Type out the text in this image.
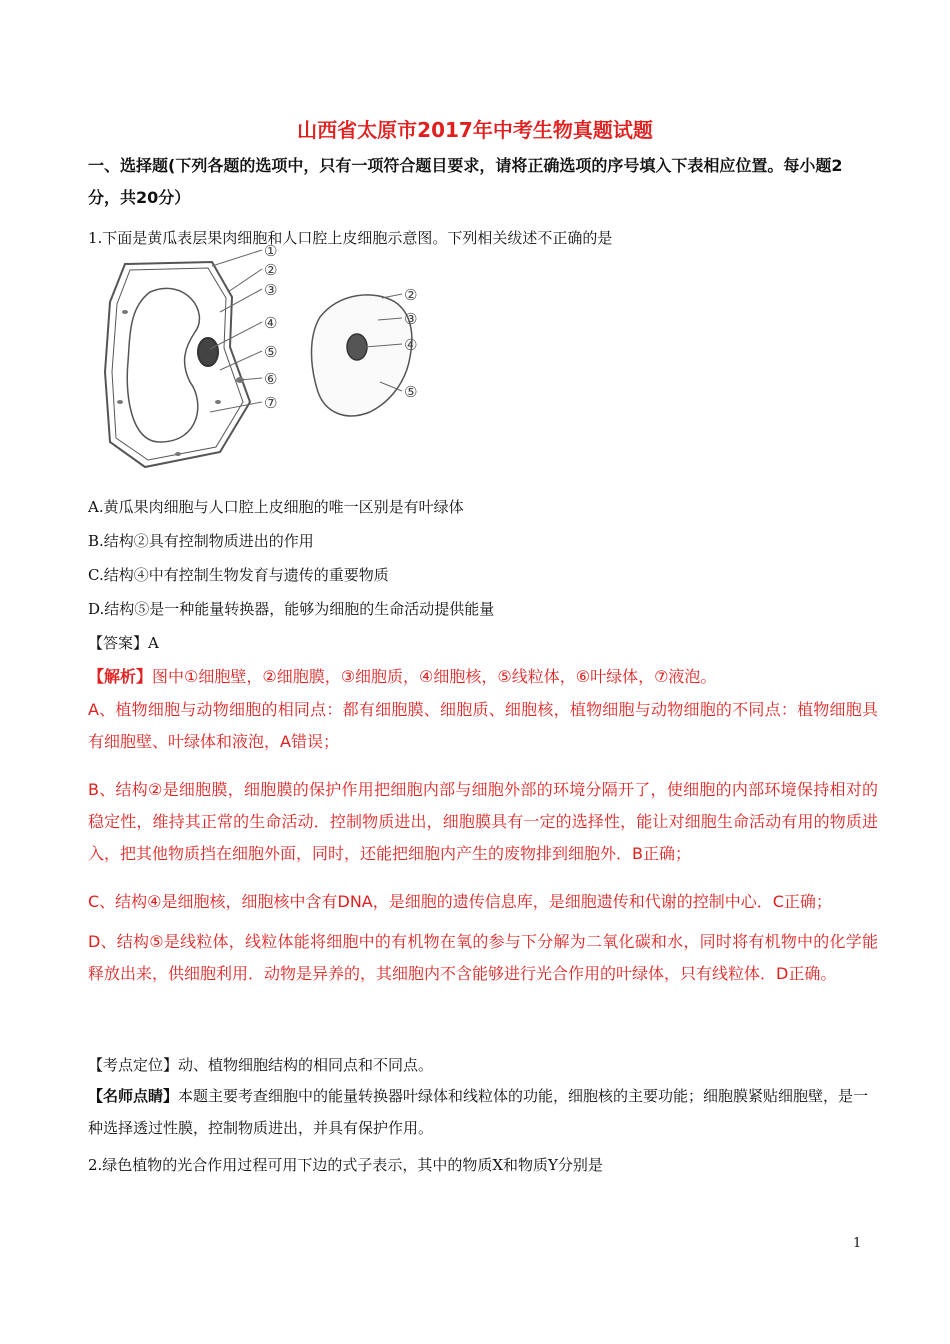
山西省太原市2017年中考生物真题试题
一、选择题(下列各题的选项中，只有一项符合题目要求，请将正确选项的序号填入下表相应位置。每小题2分，共20分）
1.下面是黄瓜表层果肉细胞和人口腔上皮细胞示意图。下列相关绂述不正确的是
①
②
③
④
⑤
⑥
⑦
②
③
④
⑤
A.黄瓜果肉细胞与人口腔上皮细胞的唯一区别是有叶绿体
B.结构②具有控制物质进出的作用
C.结构④中有控制生物发育与遗传的重要物质
D.结构⑤是一种能量转换器，能够为细胞的生命活动提供能量
【答案】A
【解析】图中①细胞壁，②细胞膜，③细胞质，④细胞核，⑤线粒体，⑥叶绿体，⑦液泡。
A、植物细胞与动物细胞的相同点：都有细胞膜、细胞质、细胞核，植物细胞与动物细胞的不同点：植物细胞具有细胞壁、叶绿体和液泡，A错误；
B、结构②是细胞膜，细胞膜的保护作用把细胞内部与细胞外部的环境分隔开了，使细胞的内部环境保持相对的稳定性，维持其正常的生命活动．控制物质进出，细胞膜具有一定的选择性，能让对细胞生命活动有用的物质进入，把其他物质挡在细胞外面，同时，还能把细胞内产生的废物排到细胞外．B正确；
C、结构④是细胞核，细胞核中含有DNA，是细胞的遗传信息库，是细胞遗传和代谢的控制中心．C正确；
D、结构⑤是线粒体，线粒体能将细胞中的有机物在氧的参与下分解为二氧化碳和水，同时将有机物中的化学能释放出来，供细胞利用．动物是异养的，其细胞内不含能够进行光合作用的叶绿体，只有线粒体．D正确。
【考点定位】动、植物细胞结构的相同点和不同点。
【名师点睛】本题主要考查细胞中的能量转换器叶绿体和线粒体的功能，细胞核的主要功能；细胞膜紧贴细胞壁，是一种选择透过性膜，控制物质进出，并具有保护作用。
2.绿色植物的光合作用过程可用下边的式子表示，其中的物质X和物质Y分别是
1
